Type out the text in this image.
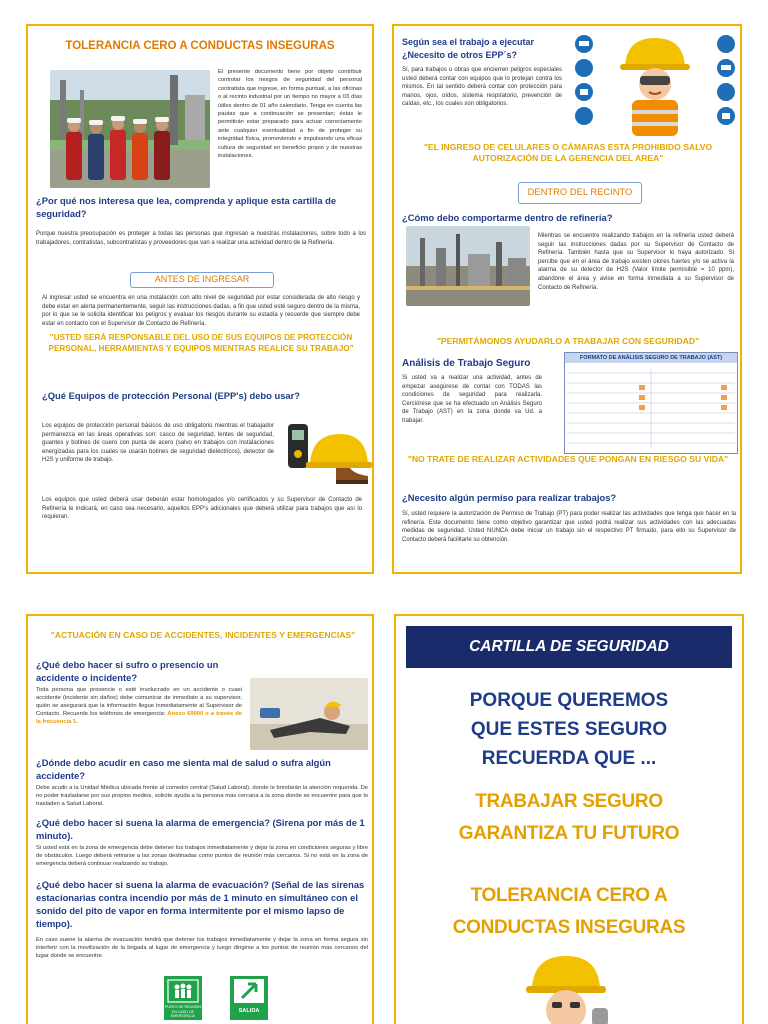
TOLERANCIA CERO A CONDUCTAS INSEGURAS
El presente documento tiene por objeto contribuir controlar los riesgos de seguridad del personal contratista que ingrese, en forma puntual, a las oficinas o al recinto industrial por un tiempo no mayor a 03 días útiles dentro de 01 año calendario. Tenga en cuenta las pautas que a continuación se presentan; éstas le permitirán estar preparado para actuar correctamente ante cualquier eventualidad a fin de proteger su integridad física, promoviendo e impulsando una eficaz cultura de seguridad en beneficio propio y de nuestras instalaciones.
¿Por qué nos interesa que lea, comprenda y aplique esta cartilla de seguridad?
Porque nuestra preocupación es proteger a todas las personas que ingresan a nuestras instalaciones, sobre todo a los trabajadores, contratistas, subcontratistas y proveedores que van a realizar una actividad dentro de la Refinería.
ANTES DE INGRESAR
Al ingresar usted se encuentra en una instalación con alto nivel de seguridad por estar considerada de alto riesgo y debe estar en alerta permanentemente, seguir las instrucciones dadas, a fin que usted esté seguro dentro de la misma, por lo que se le solicita identificar los peligros y evaluar los riesgos durante su estadía y recuerde que siempre debe estar en contacto con el Supervisor de Contacto de Refinería.
"USTED SERÁ RESPONSABLE DEL USO DE SUS EQUIPOS DE PROTECCIÓN PERSONAL, HERRAMIENTAS Y EQUIPOS MIENTRAS REALICE SU TRABAJO"
¿Qué Equipos de protección Personal (EPP's) debo usar?
Los equipos de protección personal básicos de uso obligatorio mientras el trabajador permanezca en las áreas operativas son: casco de seguridad, lentes de seguridad, guantes y botines de cuero con punta de acero (salvo en trabajos con instalaciones energizadas para los cuales se usarán botines de seguridad dieléctricos), detector de H2S y uniforme de trabajo.
Los equipos que usted deberá usar deberán estar homologados y/o certificados y su Supervisor de Contacto de Refinería le indicará, en caso sea necesario, aquellos EPP's adicionales que deberá utilizar para trabajos que así lo requieran.
Según sea el trabajo a ejecutar ¿Necesito de otros EPP´s?
Sí, para trabajos u obras que encierren peligros especiales usted deberá contar con equipos que lo protejan contra los mismos. En tal sentido deberá contar con protección para manos, ojos, oídos, sistema respiratorio, prevención de caídas, etc., los cuales son obligatorios.
"EL INGRESO DE CELULARES O CÁMARAS ESTA PROHIBIDO SALVO AUTORIZACIÓN DE LA GERENCIA DEL AREA"
DENTRO DEL RECINTO
¿Cómo debo comportarme dentro de refinería?
Mientras se encuentre realizando trabajos en la refinería usted deberá seguir las instrucciones dadas por su Supervisor de Contacto de Refinería. También hasta que su Supervisor lo haya autorizado. Si percibe que en el área de trabajo existen olores fuertes y/o se activa la alarma de su detector de H2S (Valor límite permisible = 10 ppm), abandone el área y avise en forma inmediata a su Supervisor de Contacto de Refinería.
"PERMITÁMONOS AYUDARLO A TRABAJAR CON SEGURIDAD"
Análisis de Trabajo Seguro
Si usted va a realizar una actividad, antes de empezar asegúrese de contar con TODAS las condiciones de seguridad para realizarla. Cerciórese que se ha efectuado un Análisis Seguro de Trabajo (AST) en la zona donde va Ud. a trabajar.
FORMATO DE ANÁLISIS SEGURO DE TRABAJO (AST)
"NO TRATE DE REALIZAR ACTIVIDADES QUE PONGAN EN RIESGO SU VIDA"
¿Necesito algún permiso para realizar trabajos?
Sí, usted requiere la autorización de Permiso de Trabajo (PT) para poder realizar las actividades que tenga que hacer en la refinería. Este documento tiene como objetivo garantizar que usted podrá realizar sus actividades con las adecuadas medidas de seguridad. Usted NUNCA debe iniciar un trabajo sin el respectivo PT firmado, para ello su Supervisor de Contacto deberá facilitarle su obtención.
"ACTUACIÓN EN CASO DE ACCIDENTES, INCIDENTES Y EMERGENCIAS"
¿Qué debo hacer si sufro o presencio un accidente o incidente?
Toda persona que presencie o esté involucrado en un accidente o cuasi accidente (incidente sin daños) debe comunicar de inmediato a su supervisor, quién se asegurará que la información llegue inmediatamente al Supervisor de Contacto. Recuerde los teléfonos de emergencia: Anexo 69000 o a través de la frecuencia 1.
¿Dónde debo acudir en caso me sienta mal de salud o sufra algún accidente?
Debe acudir a la Unidad Médica ubicada frente al comedor central (Salud Laboral), donde le brindarán la atención requerida. De no poder trasladarse por sus propios medios, solicite ayuda a la persona más cercana a la zona donde se encuentre para que lo trasladen a Salud Laboral.
¿Qué debo hacer si suena la alarma de emergencia? (Sirena por más de 1 minuto).
Si usted está en la zona de emergencia debe detener los trabajos inmediatamente y dejar la zona en condiciones seguras y libre de obstáculos. Luego deberá retirarse a las zonas destinadas como puntos de reunión más cercanos. Si no está en la zona de emergencia deberá continuar realizando su trabajo.
¿Qué debo hacer si suena la alarma de evacuación? (Señal de las sirenas estacionarias contra incendio por más de 1 minuto en simultáneo con el sonido del pito de vapor en forma intermitente por el mismo lapso de tiempo).
En caso suene la alarma de evacuación tendrá que detener los trabajos inmediatamente y dejar la zona en forma segura sin interferir con la movilización de la brigada al lugar de emergencia y luego dirigirse a los puntos de reunión más cercanos del lugar donde se encuentre.
PUNTO DE REUNIÓN EN CASO DE EMERGENCIA
SALIDA
CARTILLA DE SEGURIDAD
PORQUE QUEREMOS
QUE ESTES SEGURO
RECUERDA QUE ...
TRABAJAR SEGURO
GARANTIZA TU FUTURO
TOLERANCIA CERO A
CONDUCTAS INSEGURAS
